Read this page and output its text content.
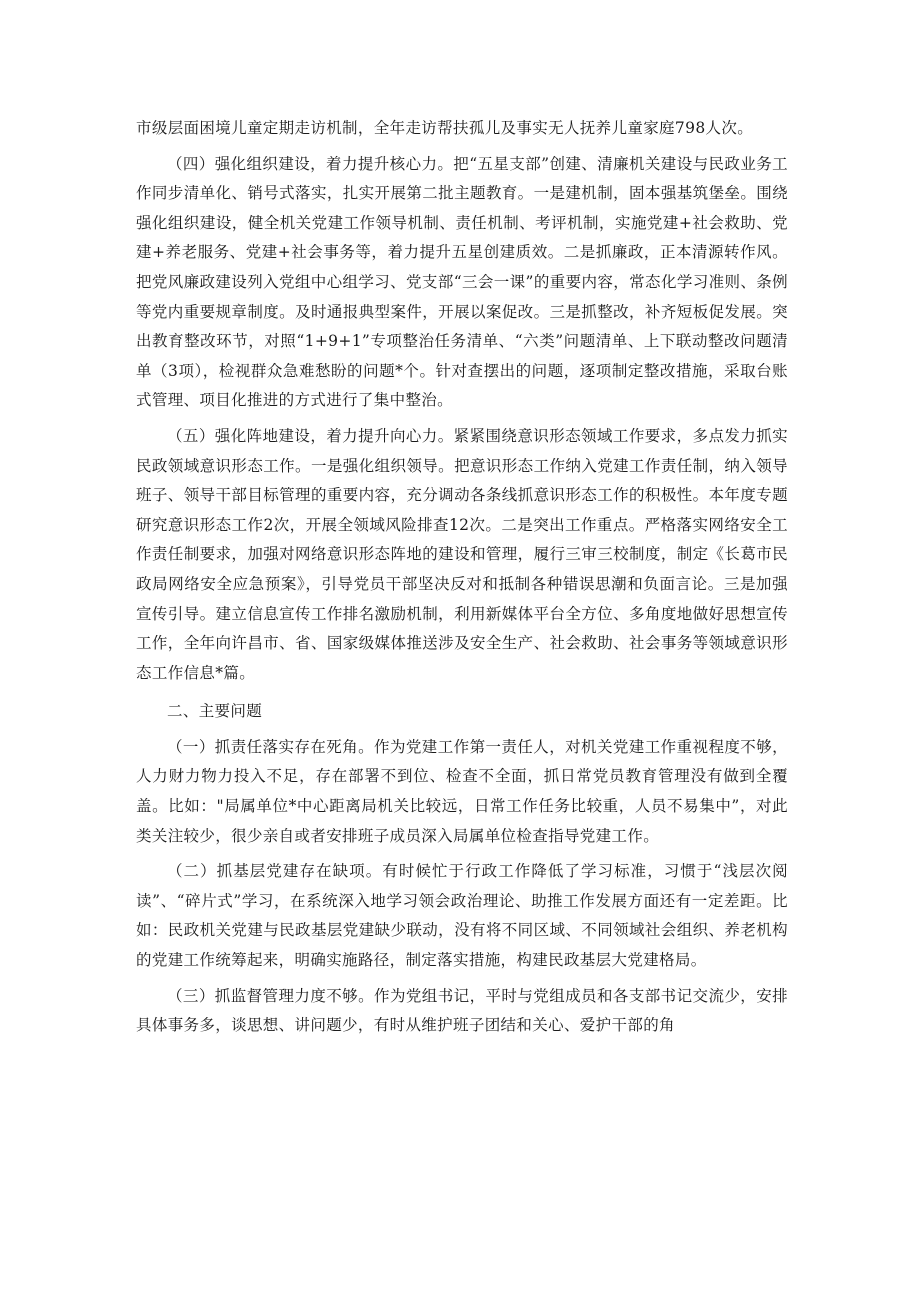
市级层面困境儿童定期走访机制，全年走访帮扶孤儿及事实无人抚养儿童家庭798人次。

（四）强化组织建设，着力提升核心力。把“五星支部”创建、清廉机关建设与民政业务工作同步清单化、销号式落实，扎实开展第二批主题教育。一是建机制，固本强基筑堡垒。围绕强化组织建设，健全机关党建工作领导机制、责任机制、考评机制，实施党建+社会救助、党建+养老服务、党建+社会事务等，着力提升五星创建质效。二是抓廉政，正本清源转作风。把党风廉政建设列入党组中心组学习、党支部“三会一课”的重要内容，常态化学习准则、条例等党内重要规章制度。及时通报典型案件，开展以案促改。三是抓整改，补齐短板促发展。突出教育整改环节，对照“1+9+1”专项整治任务清单、“六类”问题清单、上下联动整改问题清单（3项），检视群众急难愁盼的问题*个。针对查摆出的问题，逐项制定整改措施，采取台账式管理、项目化推进的方式进行了集中整治。

（五）强化阵地建设，着力提升向心力。紧紧围绕意识形态领域工作要求，多点发力抓实民政领域意识形态工作。一是强化组织领导。把意识形态工作纳入党建工作责任制，纳入领导班子、领导干部目标管理的重要内容，充分调动各条线抓意识形态工作的积极性。本年度专题研究意识形态工作2次，开展全领域风险排查12次。二是突出工作重点。严格落实网络安全工作责任制要求，加强对网络意识形态阵地的建设和管理，履行三审三校制度，制定《长葛市民政局网络安全应急预案》，引导党员干部坚决反对和抵制各种错误思潮和负面言论。三是加强宣传引导。建立信息宣传工作排名激励机制，利用新媒体平台全方位、多角度地做好思想宣传工作，全年向许昌市、省、国家级媒体推送涉及安全生产、社会救助、社会事务等领域意识形态工作信息*篇。

二、主要问题

（一）抓责任落实存在死角。作为党建工作第一责任人，对机关党建工作重视程度不够，人力财力物力投入不足，存在部署不到位、检查不全面，抓日常党员教育管理没有做到全覆盖。比如："局属单位*中心距离局机关比较远，日常工作任务比较重，人员不易集中”，对此类关注较少，很少亲自或者安排班子成员深入局属单位检查指导党建工作。

（二）抓基层党建存在缺项。有时候忙于行政工作降低了学习标准，习惯于“浅层次阅读”、“碎片式”学习，在系统深入地学习领会政治理论、助推工作发展方面还有一定差距。比如：民政机关党建与民政基层党建缺少联动，没有将不同区域、不同领域社会组织、养老机构的党建工作统筹起来，明确实施路径，制定落实措施，构建民政基层大党建格局。

（三）抓监督管理力度不够。作为党组书记，平时与党组成员和各支部书记交流少，安排具体事务多，谈思想、讲问题少，有时从维护班子团结和关心、爱护干部的角
